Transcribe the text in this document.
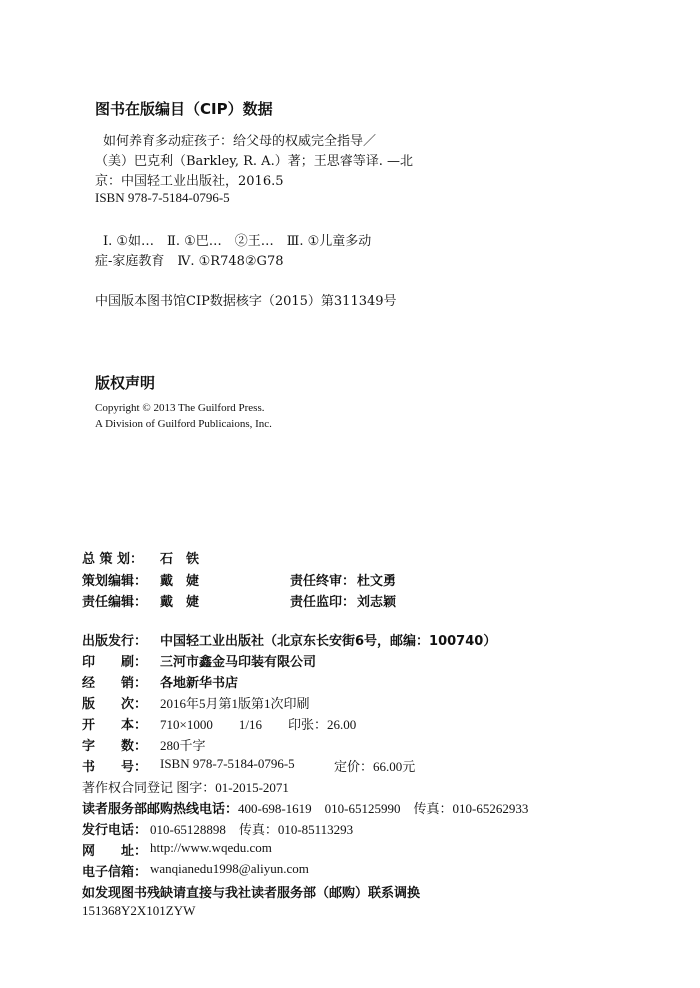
图书在版编目（CIP）数据
如何养育多动症孩子：给父母的权威完全指导／
（美）巴克利（Barkley, R. A.）著；王思睿等译. —北
京：中国轻工业出版社，2016.5
ISBN 978-7-5184-0796-5
Ⅰ. ①如…　Ⅱ. ①巴…　②王…　Ⅲ. ①儿童多动
症-家庭教育　Ⅳ. ①R748②G78
中国版本图书馆CIP数据核字（2015）第311349号
版权声明
Copyright © 2013 The Guilford Press.
A Division of Guilford Publicaions, Inc.
总 策 划： 石　铁
策划编辑： 戴　婕	责任终审： 杜文勇
责任编辑： 戴　婕	责任监印： 刘志颖
出版发行： 中国轻工业出版社（北京东长安街6号，邮编：100740）
印　　刷： 三河市鑫金马印装有限公司
经　　销： 各地新华书店
版　　次： 2016年5月第1版第1次印刷
开　　本： 710×1000　　1/16　　印张：26.00
字　　数： 280千字
书　　号： ISBN 978-7-5184-0796-5	定价：66.00元
著作权合同登记 图字：01-2015-2071
读者服务部邮购热线电话： 400-698-1619　010-65125990　传真：010-65262933
发行电话： 010-65128898　传真：010-85113293
网　　址： http://www.wqedu.com
电子信箱： wanqianedu1998@aliyun.com
如发现图书残缺请直接与我社读者服务部（邮购）联系调换
151368Y2X101ZYW
